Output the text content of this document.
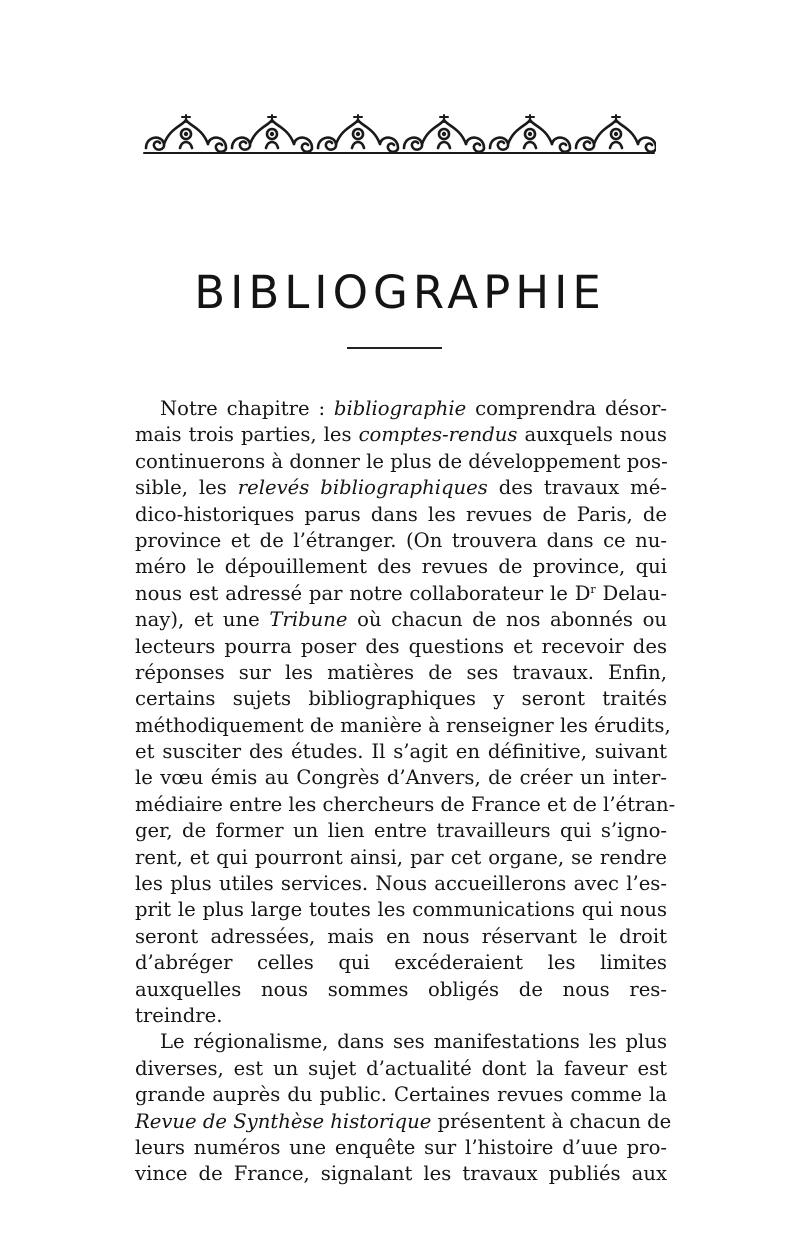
BIBLIOGRAPHIE
Notre chapitre : bibliographie comprendra désor-
mais trois parties, les comptes-rendus auxquels nous
continuerons à donner le plus de développement pos-
sible, les relevés bibliographiques des travaux mé-
dico-historiques parus dans les revues de Paris, de
province et de l’étranger. (On trouvera dans ce nu-
méro le dépouillement des revues de province, qui
nous est adressé par notre collaborateur le $D^r$ Delau-
nay), et une Tribune où chacun de nos abonnés ou
lecteurs pourra poser des questions et recevoir des
réponses sur les matières de ses travaux. Enfin,
certains sujets bibliographiques y seront traités
méthodiquement de manière à renseigner les érudits,
et susciter des études. Il s’agit en définitive, suivant
le vœu émis au Congrès d’Anvers, de créer un inter-
médiaire entre les chercheurs de France et de l’étran-
ger, de former un lien entre travailleurs qui s’igno-
rent, et qui pourront ainsi, par cet organe, se rendre
les plus utiles services. Nous accueillerons avec l’es-
prit le plus large toutes les communications qui nous
seront adressées, mais en nous réservant le droit
d’abréger celles qui excéderaient les limites
auxquelles nous sommes obligés de nous res-
treindre.
Le régionalisme, dans ses manifestations les plus
diverses, est un sujet d’actualité dont la faveur est
grande auprès du public. Certaines revues comme la
Revue de Synthèse historique présentent à chacun de
leurs numéros une enquête sur l’histoire d’uue pro-
vince de France, signalant les travaux publiés aux
